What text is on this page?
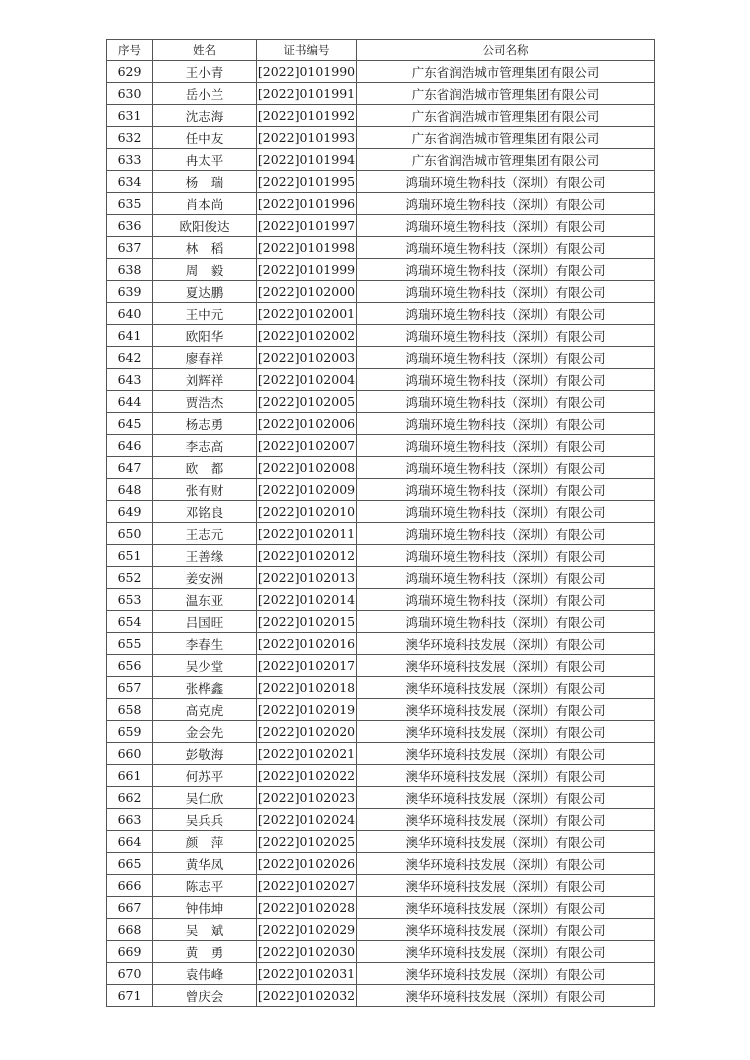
序号	姓名	证书编号	公司名称
629	王小青	[2022]0101990	广东省润浩城市管理集团有限公司
630	岳小兰	[2022]0101991	广东省润浩城市管理集团有限公司
631	沈志海	[2022]0101992	广东省润浩城市管理集团有限公司
632	任中友	[2022]0101993	广东省润浩城市管理集团有限公司
633	冉太平	[2022]0101994	广东省润浩城市管理集团有限公司
634	杨　瑞	[2022]0101995	鸿瑞环境生物科技（深圳）有限公司
635	肖本尚	[2022]0101996	鸿瑞环境生物科技（深圳）有限公司
636	欧阳俊达	[2022]0101997	鸿瑞环境生物科技（深圳）有限公司
637	林　稻	[2022]0101998	鸿瑞环境生物科技（深圳）有限公司
638	周　毅	[2022]0101999	鸿瑞环境生物科技（深圳）有限公司
639	夏达鹏	[2022]0102000	鸿瑞环境生物科技（深圳）有限公司
640	王中元	[2022]0102001	鸿瑞环境生物科技（深圳）有限公司
641	欧阳华	[2022]0102002	鸿瑞环境生物科技（深圳）有限公司
642	廖春祥	[2022]0102003	鸿瑞环境生物科技（深圳）有限公司
643	刘辉祥	[2022]0102004	鸿瑞环境生物科技（深圳）有限公司
644	贾浩杰	[2022]0102005	鸿瑞环境生物科技（深圳）有限公司
645	杨志勇	[2022]0102006	鸿瑞环境生物科技（深圳）有限公司
646	李志高	[2022]0102007	鸿瑞环境生物科技（深圳）有限公司
647	欧　都	[2022]0102008	鸿瑞环境生物科技（深圳）有限公司
648	张有财	[2022]0102009	鸿瑞环境生物科技（深圳）有限公司
649	邓铭良	[2022]0102010	鸿瑞环境生物科技（深圳）有限公司
650	王志元	[2022]0102011	鸿瑞环境生物科技（深圳）有限公司
651	王善缘	[2022]0102012	鸿瑞环境生物科技（深圳）有限公司
652	姜安洲	[2022]0102013	鸿瑞环境生物科技（深圳）有限公司
653	温东亚	[2022]0102014	鸿瑞环境生物科技（深圳）有限公司
654	吕国旺	[2022]0102015	鸿瑞环境生物科技（深圳）有限公司
655	李春生	[2022]0102016	澳华环境科技发展（深圳）有限公司
656	吴少堂	[2022]0102017	澳华环境科技发展（深圳）有限公司
657	张桦鑫	[2022]0102018	澳华环境科技发展（深圳）有限公司
658	高克虎	[2022]0102019	澳华环境科技发展（深圳）有限公司
659	金会先	[2022]0102020	澳华环境科技发展（深圳）有限公司
660	彭敬海	[2022]0102021	澳华环境科技发展（深圳）有限公司
661	何苏平	[2022]0102022	澳华环境科技发展（深圳）有限公司
662	吴仁欣	[2022]0102023	澳华环境科技发展（深圳）有限公司
663	吴兵兵	[2022]0102024	澳华环境科技发展（深圳）有限公司
664	颜　萍	[2022]0102025	澳华环境科技发展（深圳）有限公司
665	黄华凤	[2022]0102026	澳华环境科技发展（深圳）有限公司
666	陈志平	[2022]0102027	澳华环境科技发展（深圳）有限公司
667	钟伟坤	[2022]0102028	澳华环境科技发展（深圳）有限公司
668	吴　斌	[2022]0102029	澳华环境科技发展（深圳）有限公司
669	黄　勇	[2022]0102030	澳华环境科技发展（深圳）有限公司
670	袁伟峰	[2022]0102031	澳华环境科技发展（深圳）有限公司
671	曾庆会	[2022]0102032	澳华环境科技发展（深圳）有限公司
